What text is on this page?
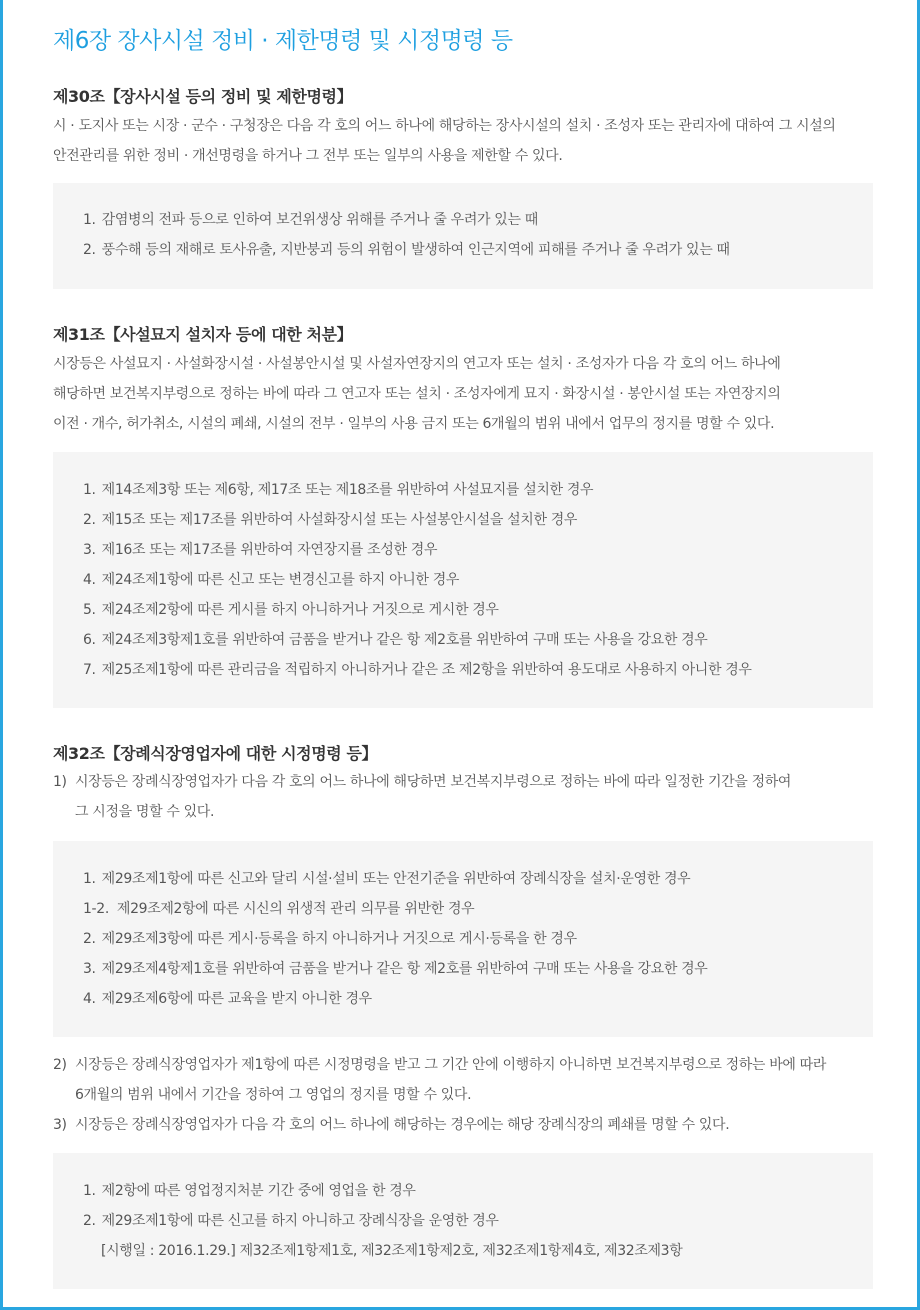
제6장 장사시설 정비 · 제한명령 및 시정명령 등
제30조【장사시설 등의 정비 및 제한명령】
시 · 도지사 또는 시장 · 군수 · 구청장은 다음 각 호의 어느 하나에 해당하는 장사시설의 설치 · 조성자 또는 관리자에 대하여 그 시설의
안전관리를 위한 정비 · 개선명령을 하거나 그 전부 또는 일부의 사용을 제한할 수 있다.
1. 감염병의 전파 등으로 인하여 보건위생상 위해를 주거나 줄 우려가 있는 때
2. 풍수해 등의 재해로 토사유출, 지반붕괴 등의 위험이 발생하여 인근지역에 피해를 주거나 줄 우려가 있는 때
제31조【사설묘지 설치자 등에 대한 처분】
시장등은 사설묘지 · 사설화장시설 · 사설봉안시설 및 사설자연장지의 연고자 또는 설치 · 조성자가 다음 각 호의 어느 하나에
해당하면 보건복지부령으로 정하는 바에 따라 그 연고자 또는 설치 · 조성자에게 묘지 · 화장시설 · 봉안시설 또는 자연장지의
이전 · 개수, 허가취소, 시설의 폐쇄, 시설의 전부 · 일부의 사용 금지 또는 6개월의 범위 내에서 업무의 정지를 명할 수 있다.
1. 제14조제3항 또는 제6항, 제17조 또는 제18조를 위반하여 사설묘지를 설치한 경우
2. 제15조 또는 제17조를 위반하여 사설화장시설 또는 사설봉안시설을 설치한 경우
3. 제16조 또는 제17조를 위반하여 자연장지를 조성한 경우
4. 제24조제1항에 따른 신고 또는 변경신고를 하지 아니한 경우
5. 제24조제2항에 따른 게시를 하지 아니하거나 거짓으로 게시한 경우
6. 제24조제3항제1호를 위반하여 금품을 받거나 같은 항 제2호를 위반하여 구매 또는 사용을 강요한 경우
7. 제25조제1항에 따른 관리금을 적립하지 아니하거나 같은 조 제2항을 위반하여 용도대로 사용하지 아니한 경우
제32조【장례식장영업자에 대한 시정명령 등】
1) 시장등은 장례식장영업자가 다음 각 호의 어느 하나에 해당하면 보건복지부령으로 정하는 바에 따라 일정한 기간을 정하여
그 시정을 명할 수 있다.
1. 제29조제1항에 따른 신고와 달리 시설·설비 또는 안전기준을 위반하여 장례식장을 설치·운영한 경우
1-2. 제29조제2항에 따른 시신의 위생적 관리 의무를 위반한 경우
2. 제29조제3항에 따른 게시·등록을 하지 아니하거나 거짓으로 게시·등록을 한 경우
3. 제29조제4항제1호를 위반하여 금품을 받거나 같은 항 제2호를 위반하여 구매 또는 사용을 강요한 경우
4. 제29조제6항에 따른 교육을 받지 아니한 경우
2) 시장등은 장례식장영업자가 제1항에 따른 시정명령을 받고 그 기간 안에 이행하지 아니하면 보건복지부령으로 정하는 바에 따라
6개월의 범위 내에서 기간을 정하여 그 영업의 정지를 명할 수 있다.
3) 시장등은 장례식장영업자가 다음 각 호의 어느 하나에 해당하는 경우에는 해당 장례식장의 폐쇄를 명할 수 있다.
1. 제2항에 따른 영업정지처분 기간 중에 영업을 한 경우
2. 제29조제1항에 따른 신고를 하지 아니하고 장례식장을 운영한 경우
[시행일 : 2016.1.29.] 제32조제1항제1호, 제32조제1항제2호, 제32조제1항제4호, 제32조제3항
